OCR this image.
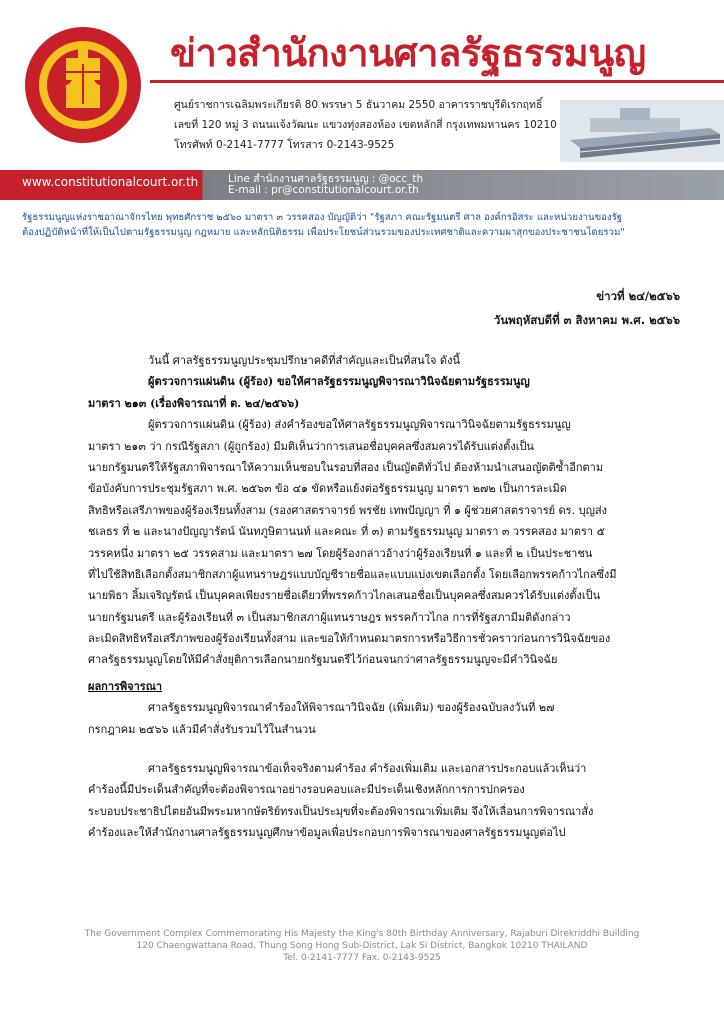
ข่าวสำนักงานศาลรัฐธรรมนูญ
ศูนย์ราชการเฉลิมพระเกียรติ 80 พรรษา 5 ธันวาคม 2550 อาคารราชบุรีดิเรกฤทธิ์
เลขที่ 120 หมู่ 3 ถนนแจ้งวัฒนะ แขวงทุ่งสองห้อง เขตหลักสี่ กรุงเทพมหานคร 10210
โทรศัพท์ 0-2141-7777 โทรสาร 0-2143-9525
www.constitutionalcourt.or.th	Line สำนักงานศาลรัฐธรรมนูญ : @occ_th
E-mail : pr@constitutionalcourt.or.th
รัฐธรรมนูญแห่งราชอาณาจักรไทย พุทธศักราช ๒๕๖๐ มาตรา ๓ วรรคสอง บัญญัติว่า "รัฐสภา คณะรัฐมนตรี ศาล องค์กรอิสระ และหน่วยงานของรัฐ
ต้องปฏิบัติหน้าที่ให้เป็นไปตามรัฐธรรมนูญ กฎหมาย และหลักนิติธรรม เพื่อประโยชน์ส่วนรวมของประเทศชาติและความผาสุกของประชาชนโดยรวม"
ข่าวที่ ๒๔/๒๕๖๖
วันพฤหัสบดีที่ ๓ สิงหาคม พ.ศ. ๒๕๖๖
วันนี้ ศาลรัฐธรรมนูญประชุมปรึกษาคดีที่สำคัญและเป็นที่สนใจ ดังนี้
ผู้ตรวจการแผ่นดิน (ผู้ร้อง) ขอให้ศาลรัฐธรรมนูญพิจารณาวินิจฉัยตามรัฐธรรมนูญ
มาตรา ๒๑๓ (เรื่องพิจารณาที่ ต. ๒๔/๒๕๖๖)
ผู้ตรวจการแผ่นดิน (ผู้ร้อง) ส่งคำร้องขอให้ศาลรัฐธรรมนูญพิจารณาวินิจฉัยตามรัฐธรรมนูญ
มาตรา ๒๑๓ ว่า กรณีรัฐสภา (ผู้ถูกร้อง) มีมติเห็นว่าการเสนอชื่อบุคคลซึ่งสมควรได้รับแต่งตั้งเป็น
นายกรัฐมนตรีให้รัฐสภาพิจารณาให้ความเห็นชอบในรอบที่สอง เป็นญัตติทั่วไป ต้องห้ามนำเสนอญัตติซ้ำอีกตาม
ข้อบังคับการประชุมรัฐสภา พ.ศ. ๒๕๖๓ ข้อ ๔๑ ขัดหรือแย้งต่อรัฐธรรมนูญ มาตรา ๒๗๒ เป็นการละเมิด
สิทธิหรือเสรีภาพของผู้ร้องเรียนทั้งสาม (รองศาสตราจารย์ พรชัย เทพปัญญา ที่ ๑ ผู้ช่วยศาสตราจารย์ ดร. บุญส่ง
ชเลธร ที่ ๒ และนางปัญญารัตน์ นันทภูษิตานนท์ และคณะ ที่ ๓) ตามรัฐธรรมนูญ มาตรา ๓ วรรคสอง มาตรา ๕
วรรคหนึ่ง มาตรา ๒๕ วรรคสาม และมาตรา ๒๗ โดยผู้ร้องกล่าวอ้างว่าผู้ร้องเรียนที่ ๑ และที่ ๒ เป็นประชาชน
ที่ไปใช้สิทธิเลือกตั้งสมาชิกสภาผู้แทนราษฎรแบบบัญชีรายชื่อและแบบแบ่งเขตเลือกตั้ง โดยเลือกพรรคก้าวไกลซึ่งมี
นายพิธา ลิ้มเจริญรัตน์ เป็นบุคคลเพียงรายชื่อเดียวที่พรรคก้าวไกลเสนอชื่อเป็นบุคคลซึ่งสมควรได้รับแต่งตั้งเป็น
นายกรัฐมนตรี และผู้ร้องเรียนที่ ๓ เป็นสมาชิกสภาผู้แทนราษฎร พรรคก้าวไกล การที่รัฐสภามีมติดังกล่าว
ละเมิดสิทธิหรือเสรีภาพของผู้ร้องเรียนทั้งสาม และขอให้กำหนดมาตรการหรือวิธีการชั่วคราวก่อนการวินิจฉัยของ
ศาลรัฐธรรมนูญโดยให้มีคำสั่งยุติการเลือกนายกรัฐมนตรีไว้ก่อนจนกว่าศาลรัฐธรรมนูญจะมีคำวินิจฉัย
ผลการพิจารณา
ศาลรัฐธรรมนูญพิจารณาคำร้องให้พิจารณาวินิจฉัย (เพิ่มเติม) ของผู้ร้องฉบับลงวันที่ ๒๗
กรกฎาคม ๒๕๖๖ แล้วมีคำสั่งรับรวมไว้ในสำนวน
ศาลรัฐธรรมนูญพิจารณาข้อเท็จจริงตามคำร้อง คำร้องเพิ่มเติม และเอกสารประกอบแล้วเห็นว่า
คำร้องนี้มีประเด็นสำคัญที่จะต้องพิจารณาอย่างรอบคอบและมีประเด็นเชิงหลักการการปกครอง
ระบอบประชาธิปไตยอันมีพระมหากษัตริย์ทรงเป็นประมุขที่จะต้องพิจารณาเพิ่มเติม จึงให้เลื่อนการพิจารณาสั่ง
คำร้องและให้สำนักงานศาลรัฐธรรมนูญศึกษาข้อมูลเพื่อประกอบการพิจารณาของศาลรัฐธรรมนูญต่อไป
The Government Complex Commemorating His Majesty the King's 80th Birthday Anniversary, Rajaburi Direkriddhi Building
120 Chaengwattana Road, Thung Song Hong Sub-District, Lak Si District, Bangkok 10210 THAILAND
Tel. 0-2141-7777 Fax. 0-2143-9525
